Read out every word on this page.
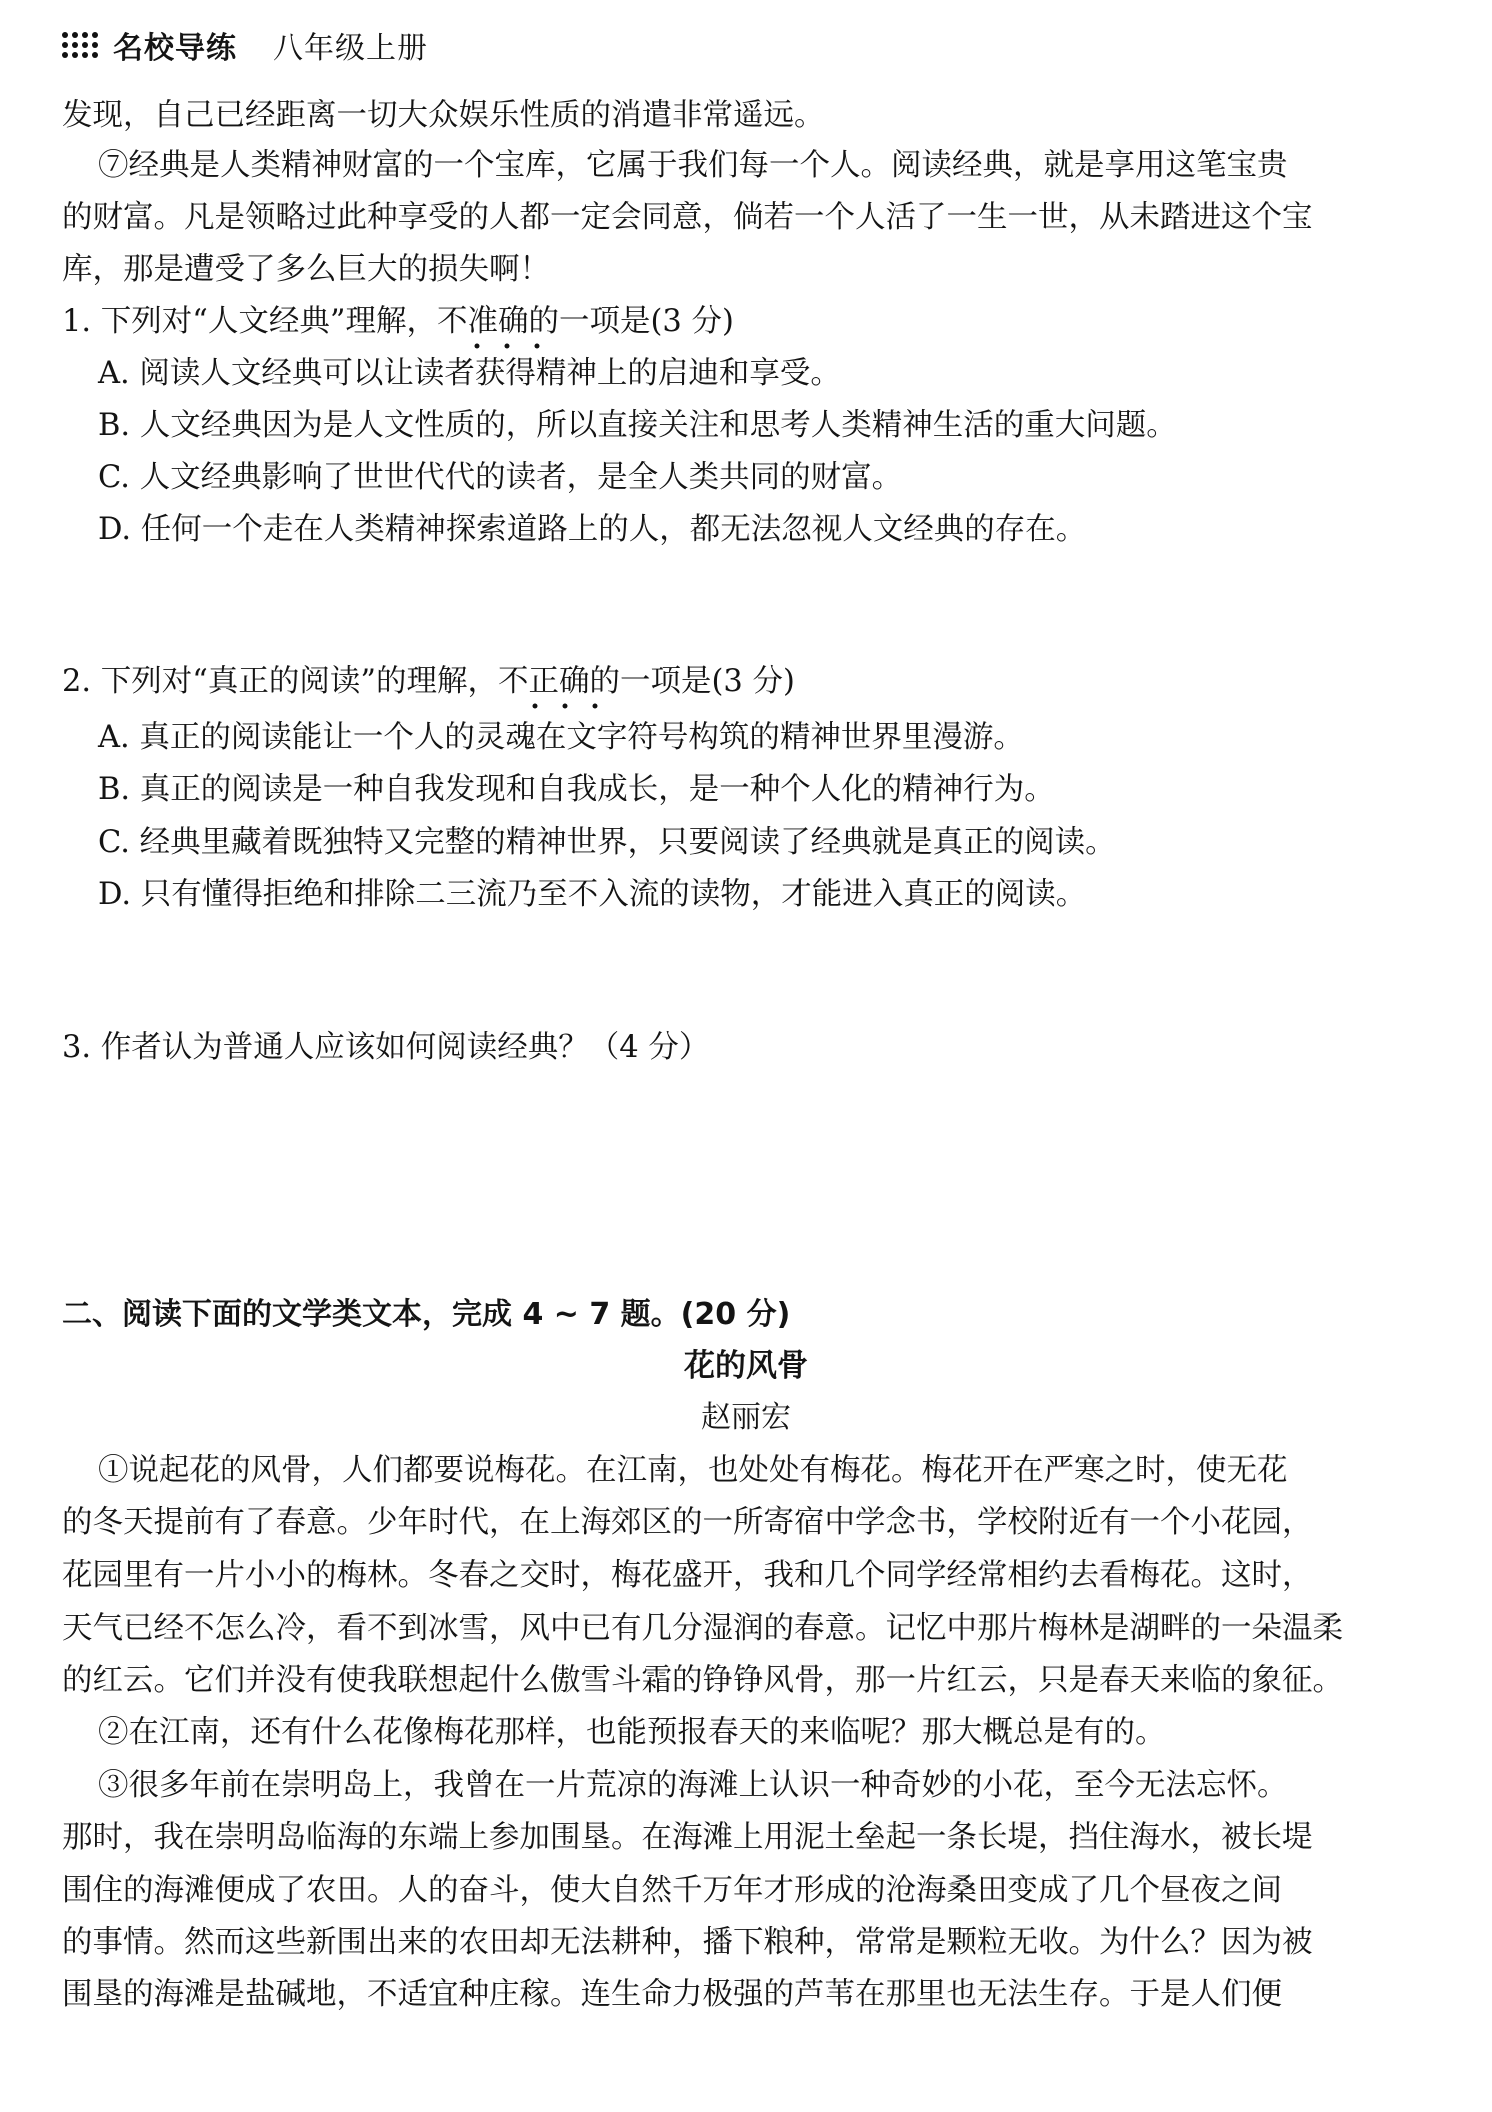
名校导练 八年级上册
发现，自己已经距离一切大众娱乐性质的消遣非常遥远。
⑦经典是人类精神财富的一个宝库，它属于我们每一个人。阅读经典，就是享用这笔宝贵
的财富。凡是领略过此种享受的人都一定会同意，倘若一个人活了一生一世，从未踏进这个宝
库，那是遭受了多么巨大的损失啊！
1. 下列对“人文经典”理解，不准确的一项是(3 分)
A. 阅读人文经典可以让读者获得精神上的启迪和享受。
B. 人文经典因为是人文性质的，所以直接关注和思考人类精神生活的重大问题。
C. 人文经典影响了世世代代的读者，是全人类共同的财富。
D. 任何一个走在人类精神探索道路上的人，都无法忽视人文经典的存在。
2. 下列对“真正的阅读”的理解，不正确的一项是(3 分)
A. 真正的阅读能让一个人的灵魂在文字符号构筑的精神世界里漫游。
B. 真正的阅读是一种自我发现和自我成长，是一种个人化的精神行为。
C. 经典里藏着既独特又完整的精神世界，只要阅读了经典就是真正的阅读。
D. 只有懂得拒绝和排除二三流乃至不入流的读物，才能进入真正的阅读。
3. 作者认为普通人应该如何阅读经典？（4 分）
二、阅读下面的文学类文本，完成 4 ~ 7 题。(20 分)
花的风骨
赵丽宏
①说起花的风骨，人们都要说梅花。在江南，也处处有梅花。梅花开在严寒之时，使无花
的冬天提前有了春意。少年时代，在上海郊区的一所寄宿中学念书，学校附近有一个小花园，
花园里有一片小小的梅林。冬春之交时，梅花盛开，我和几个同学经常相约去看梅花。这时，
天气已经不怎么冷，看不到冰雪，风中已有几分湿润的春意。记忆中那片梅林是湖畔的一朵温柔
的红云。它们并没有使我联想起什么傲雪斗霜的铮铮风骨，那一片红云，只是春天来临的象征。
②在江南，还有什么花像梅花那样，也能预报春天的来临呢？那大概总是有的。
③很多年前在崇明岛上，我曾在一片荒凉的海滩上认识一种奇妙的小花，至今无法忘怀。
那时，我在崇明岛临海的东端上参加围垦。在海滩上用泥土垒起一条长堤，挡住海水，被长堤
围住的海滩便成了农田。人的奋斗，使大自然千万年才形成的沧海桑田变成了几个昼夜之间
的事情。然而这些新围出来的农田却无法耕种，播下粮种，常常是颗粒无收。为什么？因为被
围垦的海滩是盐碱地，不适宜种庄稼。连生命力极强的芦苇在那里也无法生存。于是人们便
